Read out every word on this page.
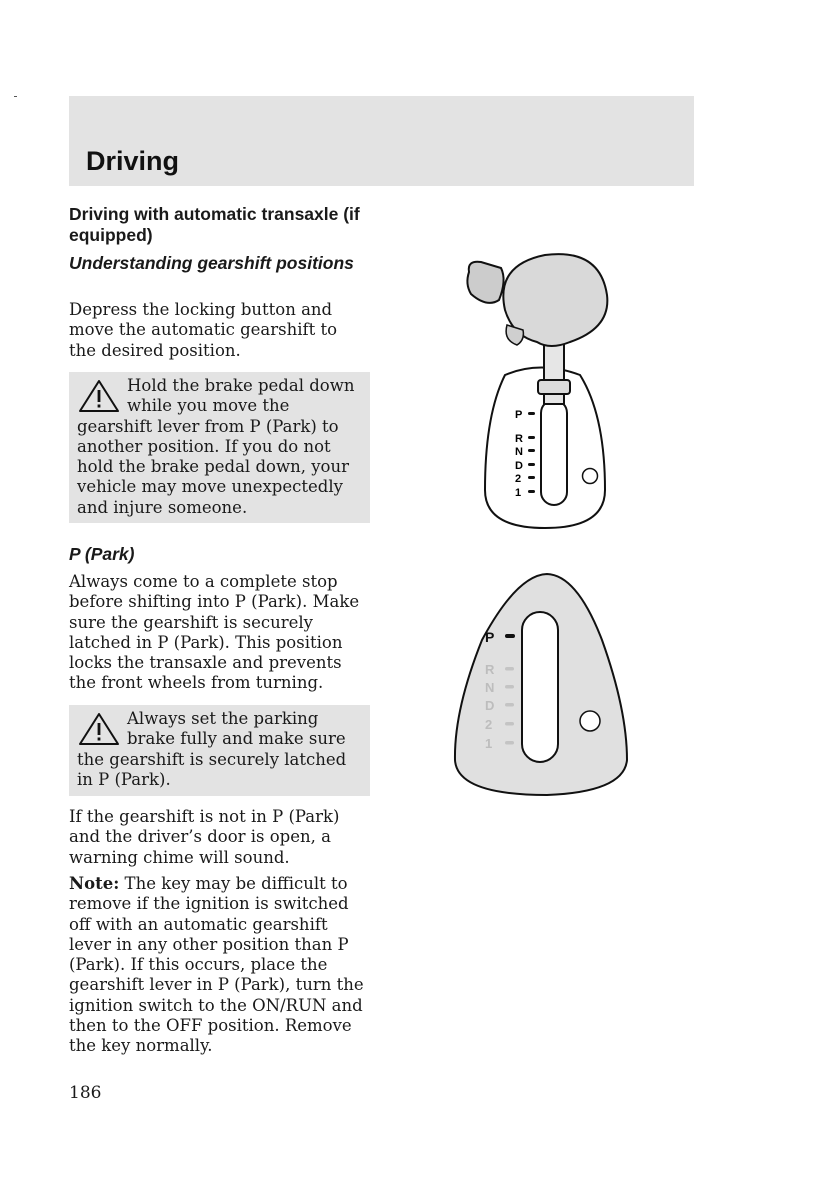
Driving

Driving with automatic transaxle (if equipped)

Understanding gearshift positions

Depress the locking button and move the automatic gearshift to the desired position.

Hold the brake pedal down while you move the gearshift lever from P (Park) to another position. If you do not hold the brake pedal down, your vehicle may move unexpectedly and injure someone.

P (Park)

Always come to a complete stop before shifting into P (Park). Make sure the gearshift is securely latched in P (Park). This position locks the transaxle and prevents the front wheels from turning.

Always set the parking brake fully and make sure the gearshift is securely latched in P (Park).

If the gearshift is not in P (Park) and the driver’s door is open, a warning chime will sound.

Note: The key may be difficult to remove if the ignition is switched off with an automatic gearshift lever in any other position than P (Park). If this occurs, place the gearshift lever in P (Park), turn the ignition switch to the ON/RUN and then to the OFF position. Remove the key normally.

186
P
R
N
D
2
1
P
R
N
D
2
1
